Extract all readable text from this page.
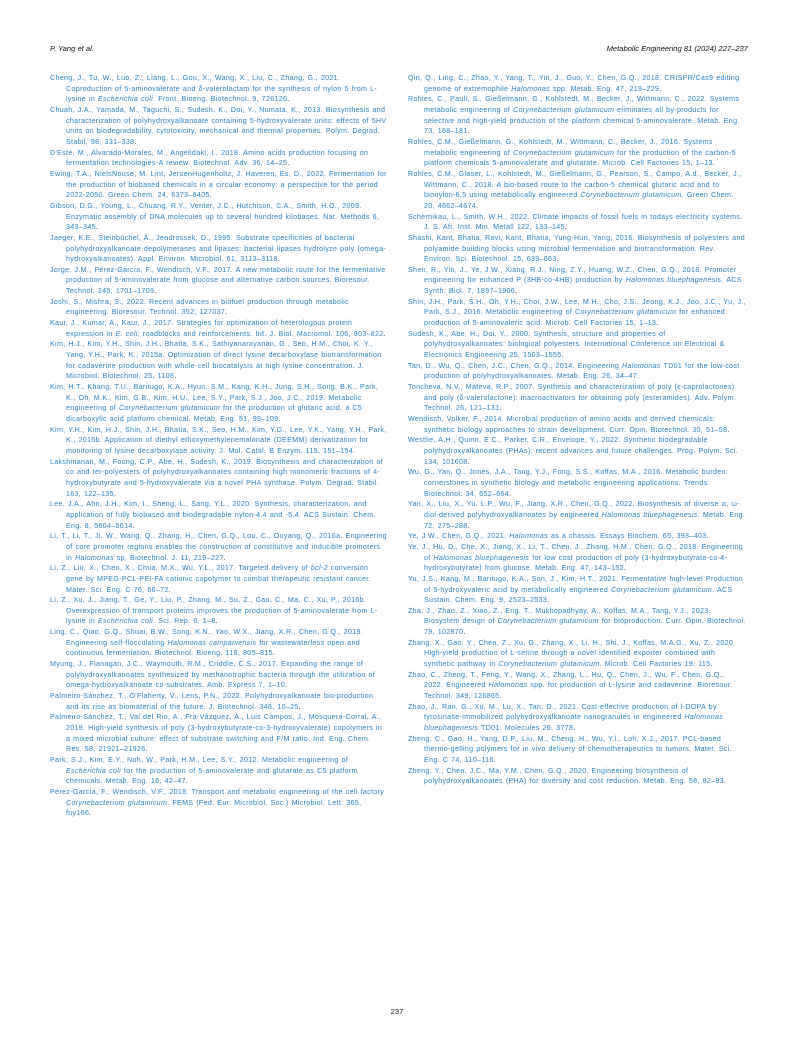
P. Yang et al.	Metabolic Engineering 81 (2024) 227–237
Cheng, J., Tu, W., Luo, Z., Liang, L., Gou, X., Wang, X., Liu, C., Zhang, G., 2021. Coproduction of 5-aminovalerate and δ-valerolactam for the synthesis of nylon 5 from L-lysine in Escherichia coli. Front. Bioeng. Biotechnol. 9, 726126.
Chuah, J.A., Yamada, M., Taguchi, S., Sudesh, K., Doi, Y., Numata, K., 2013. Biosynthesis and characterization of polyhydroxyalkanoate containing 5-hydroxyvalerate units: effects of 5HV units on biodegradability, cytotoxicity, mechanical and thermal properties. Polym. Degrad. Stabil. 98, 331–338.
D'Este, M., Alvarado-Morales, M., Angelidaki, I., 2018. Amino acids production focusing on fermentation technologies-A review. Biotechnol. Adv. 36, 14–25.
Ewing, T.A., NielsNouse, M. Lint, JeroenHugenholtz, J. Haveren, Es, D., 2022. Fermentation for the production of biobased chemicals in a circular economy: a perspective for the period 2022-2050. Green Chem. 24, 6373–6405.
Gibson, D.G., Young, L., Chuang, R.Y., Venter, J.C., Hutchison, C.A., Smith, H.O., 2009. Enzymatic assembly of DNA molecules up to several hundred kilobases. Nat. Methods 6, 343–345.
Jaeger, K.E., Steinbüchel, A., Jendrossek, D., 1995. Substrate specificities of bacterial polyhydroxyalkanoate depolymerases and lipases: bacterial lipases hydrolyze poly (omega-hydroxyalkanoates). Appl. Environ. Microbiol. 61, 3113–3118.
Jorge, J.M., Pérez-García, F., Wendisch, V.F., 2017. A new metabolic route for the fermentative production of 5-aminovalerate from glucose and alternative carbon sources. Bioresour. Technol. 245, 1701–1709.
Joshi, S., Mishra, S., 2022. Recent advances in biofuel production through metabolic engineering. Bioresour. Technol. 352, 127037.
Kaur, J., Kumar, A., Kaur, J., 2017. Strategies for optimization of heterologous protein expression in E. coli: roadblocks and reinforcements. Int. J. Biol. Macromol. 106, 803–822.
Kim, H.J., Kim, Y.H., Shin, J.H., Bhatia, S.K., Sathiyanarayanan, G., Seo, H.M., Choi, K. Y., Yang, Y.H., Park, K., 2015a. Optimization of direct lysine decarboxylase biotransformation for cadaverine production with whole-cell biocatalysis at high lysine concentration. J. Microbiol. Biotechnol. 25, 1108.
Kim, H.T., Khang, T.U., Baritugo, K.A., Hyun, S.M., Kang, K.H., Jung, S.H., Song, B.K., Park, K., Oh, M.K., Kim, G.B., Kim, H.U., Lee, S.Y., Park, S.J., Joo, J.C., 2019. Metabolic engineering of Corynebacterium glutamicum for the production of glutaric acid, a C5 dicarboxylic acid platform chemical. Metab. Eng. 51, 99–109.
Kim, Y.H., Kim, H.J., Shin, J.H., Bhatia, S.K., Seo, H.M., Kim, Y.G., Lee, Y.K., Yang, Y.H., Park, K., 2015b. Application of diethyl ethoxymethylenemalonate (DEEMM) derivatization for monitoring of lysine decarboxylase activity. J. Mol. Catal. B Enzym. 115, 151–154.
Lakshmanan, M., Foong, C.P., Abe, H., Sudesh, K., 2019. Biosynthesis and characterization of co and ter-polyesters of polyhydroxyalkanoates containing high monomeric fractions of 4-hydroxybutyrate and 5-hydroxyvalerate via a novel PHA synthase. Polym. Degrad. Stabil. 163, 122–135.
Lee, J.A., Ahn, J.H., Kim, I., Sheng, L., Sang, Y.L., 2020. Synthesis, characterization, and application of fully biobased and biodegradable nylon-4,4 and -5,4. ACS Sustain. Chem. Eng. 8, 5604–5614.
Li, T., Li, T., Ji, W., Wang, Q., Zhang, H., Chen, G.Q., Lou, C., Ouyang, Q., 2016a. Engineering of core promoter regions enables the construction of constitutive and inducible promoters in Halomonas sp. Biotechnol. J. 11, 219–227.
Li, Z., Liu, X., Chen, X., Chua, M.X., Wu, Y.L., 2017. Targeted delivery of bcl-2 conversion gene by MPEG-PCL-PEI-FA cationic copolymer to combat therapeutic resistant cancer. Mater. Sci. Eng. C 76, 66–72.
Li, Z., Xu, J., Jiang, T., Ge, Y., Liu, P., Zhang, M., Su, Z., Gao, C., Ma, C., Xu, P., 2016b. Overexpression of transport proteins improves the production of 5-aminovalerate from L-lysine in Escherichia coli. Sci. Rep. 6, 1–8.
Ling, C., Qiao, G.Q., Shuai, B.W., Song, K.N., Yao, W.X., Jiang, X.R., Chen, G.Q., 2019. Engineering self-flocculating Halomonas campaniensis for wastewaterless open and continuous fermentation. Biotechnol. Bioeng. 116, 805–815.
Myung, J., Flanagan, J.C., Waymouth, R.M., Criddle, C.S., 2017. Expanding the range of polyhydroxyalkanoates synthesized by methanotrophic bacteria through the utilization of omega-hydroxyalkanoate co-substrates. Amb. Express 7, 1–10.
Palmeiro-Sánchez, T., O'Flaherty, V., Lens, P.N., 2022. Polyhydroxyalkanoate bio-production and its rise as biomaterial of the future. J. Biotechnol. 348, 10–25.
Palmeiro-Sánchez, T., Val del Rio, A., Fra-Vázquez, A., Luis Campos, J., Mosquera-Corral, A., 2019. High-yield synthesis of poly (3-hydroxybutyrate-co-3-hydroxyvalerate) copolymers in a mixed microbial culture: effect of substrate switching and F/M ratio. Ind. Eng. Chem. Res. 58, 21921–21926.
Park, S.J., Kim, E.Y., Noh, W., Park, H.M., Lee, S.Y., 2012. Metabolic engineering of Escherichia coli for the production of 5-aminovalerate and glutarate as C5 platform chemicals. Metab. Eng. 16, 42–47.
Pérez-García, F., Wendisch, V.F., 2018. Transport and metabolic engineering of the cell factory Corynebacterium glutamicum. FEMS (Fed. Eur. Microbiol. Soc.) Microbiol. Lett. 365, fny166.
Qin, Q., Ling, C., Zhao, Y., Yang, T., Yin, J., Guo, Y., Chen, G.Q., 2018. CRISPR/Cas9 editing genome of extremophile Halomonas spp. Metab. Eng. 47, 219–229.
Rohles, C., Pauli, S., Gießelmann, G., Kohlstedt, M., Becker, J., Wittmann, C., 2022. Systems metabolic engineering of Corynebacterium glutamicum eliminates all by-products for selective and high-yield production of the platform chemical 5-aminovalerate. Metab. Eng. 73, 168–181.
Rohles, C.M., Gießelmann, G., Kohlstedt, M., Wittmann, C., Becker, J., 2016. Systems metabolic engineering of Corynebacterium glutamicum for the production of the carbon-5 platform chemicals 5-aminovalerate and glutarate. Microb. Cell Factories 15, 1–13.
Rohles, C.M., Glaser, L., Kohlstedt, M., Gießelmann, G., Pearson, S., Campo, A.d., Becker, J., Wittmann, C., 2018. A bio-based route to the carbon-5 chemical glutaric acid and to bionylon-6,5 using metabolically engineered Corynebacterium glutamicum. Green Chem. 20, 4662–4674.
Schernikau, L., Smith, W.H., 2022. Climate impacts of fossil fuels in todays electricity systems. J. S. Afr. Inst. Min. Metall 122, 133–145.
Shashi, Kant, Bhatia, Ravi, Kant, Bhatia, Yung-Hun, Yang, 2016. Biosynthesis of polyesters and polyamide building blocks using microbial fermentation and biotransformation. Rev. Environ. Sci. Biotechnol. 15, 639–663.
Shen, R., Yin, J., Ye, J.W., Xiang, R.J., Ning, Z.Y., Huang, W.Z., Chen, G.Q., 2018. Promoter engineering for enhanced P (3HB-co-4HB) production by Halomonas bluephagenesis. ACS Synth. Biol. 7, 1897–1906.
Shin, J.H., Park, S.H., Oh, Y.H., Choi, J.W., Lee, M.H., Cho, J.S., Jeong, K.J., Joo, J.C., Yu, J., Park, S.J., 2016. Metabolic engineering of Corynebacterium glutamicum for enhanced production of 5-aminovaleric acid. Microb. Cell Factories 15, 1–13.
Sudesh, K., Abe, H., Doi, Y., 2000. Synthesis, structure and properties of polyhydroxyalkanoates: biological polyesters. International Conference on Electrical & Electronics Engineering 25, 1503–1555.
Tan, D., Wu, Q., Chen, J.C., Chen, G.Q., 2014. Engineering Halomonas TD01 for the low-cost production of polyhydroxyalkanoates. Metab. Eng. 26, 34–47.
Toncheva, N.V., Mateva, R.P., 2007. Synthesis and characterization of poly (ε-caprolactones) and poly (δ-valerolactone): macroactivators for obtaining poly (esteramides). Adv. Polym. Technol. 26, 121–131.
Wendisch, Volker, F., 2014. Microbial production of amino acids and derived chemicals: synthetic biology approaches to strain development. Curr. Opin. Biotechnol. 30, 51–58.
Westlie, A.H., Quinn, E.C., Parker, C.R., Envelope, Y., 2022. Synthetic biodegradable polyhydroxyalkanoates (PHAs): recent advances and future challenges. Prog. Polym. Sci. 134, 101608.
Wu, G., Yan, Q., Jones, J.A., Tang, Y.J., Fong, S.S., Koffas, M.A., 2016. Metabolic burden: cornerstones in synthetic biology and metabolic engineering applications. Trends Biotechnol. 34, 652–664.
Yan, X., Liu, X., Yu, L.P., Wu, F., Jiang, X.R., Chen, G.Q., 2022. Biosynthesis of diverse α, ω-diol-derived polyhydroxyalkanoates by engineered Halomonas bluephagenesis. Metab. Eng. 72, 275–288.
Ye, J.W., Chen, G.Q., 2021. Halomonas as a chassis. Essays Biochem. 65, 393–403.
Ye, J., Hu, D., Che, X., Jiang, X., Li, T., Chen, J., Zhang, H.M., Chen, G.Q., 2018. Engineering of Halomonas bluephagenesis for low cost production of poly (3-hydroxybutyrate-co-4-hydroxybutyrate) from glucose. Metab. Eng. 47, 143–152.
Yu, J.S., Kang, M., Baritugo, K.A., Son, J., Kim, H.T., 2021. Fermentative high-level Production of 5-hydroxyvaleric acid by metabolically engineered Corynebacterium glutamicum. ACS Sustain. Chem. Eng. 9, 2523–2533.
Zha, J., Zhao, Z., Xiao, Z., Eng, T., Mukhopadhyay, A., Koffas, M.A., Tang, Y.J., 2023. Biosystem design of Corynebacterium glutamicum for bioproduction. Curr. Opin. Biotechnol. 79, 102870.
Zhang, X., Gao, Y., Chen, Z., Xu, G., Zhang, X., Li, H., Shi, J., Koffas, M.A.G., Xu, Z., 2020. High-yield production of L-serine through a novel identified exporter combined with synthetic pathway in Corynebacterium glutamicum. Microb. Cell Factories 19, 115.
Zhao, C., Zheng, T., Feng, Y., Wang, X., Zhang, L., Hu, Q., Chen, J., Wu, F., Chen, G.Q., 2022. Engineered Halomonas spp. for production of L-lysine and cadaverine. Bioresour. Technol. 349, 126865.
Zhao, J., Ran, G., Xu, M., Lu, X., Tan, D., 2021. Cost-effective production of l-DOPA by tyrosinase-immobilized polyhydroxyalkanoate nanogranules in engineered Halomonas bluephagenesis TD01. Molecules 26, 3778.
Zheng, C., Gao, H., Yang, D.P., Liu, M., Cheng, H., Wu, Y.l., Loh, X.J., 2017. PCL-based thermo-gelling polymers for in vivo delivery of chemotherapeutics to tumors. Mater. Sci. Eng. C 74, 110–116.
Zheng, Y., Chen, J.C., Ma, Y.M., Chen, G.Q., 2020. Engineering biosynthesis of polyhydroxyalkanoates (PHA) for diversity and cost reduction. Metab. Eng. 58, 82–93.
237
